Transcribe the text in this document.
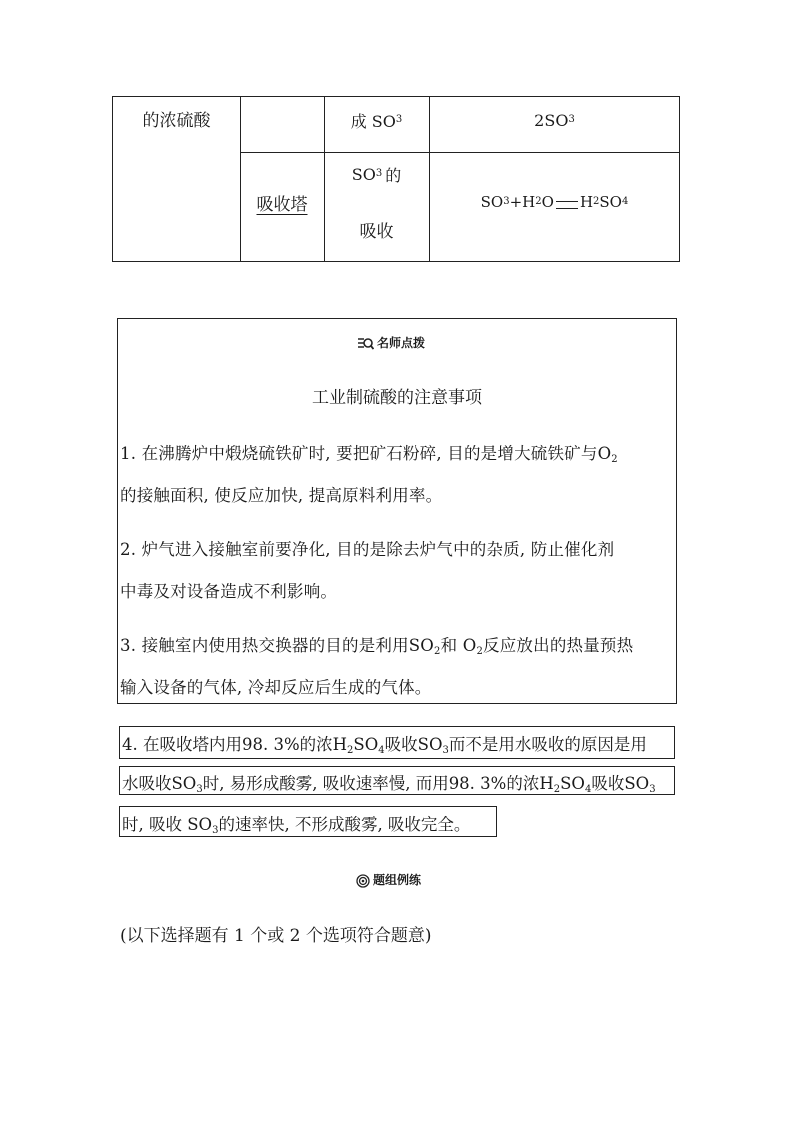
的浓硫酸	成 SO 3	2SO 3
吸收塔
SO 3 的
吸收
SO 3 +H 2 O H 2 SO 4
名师点拨
工业制硫酸的注意事项
1. 在沸腾炉中煅烧硫铁矿时, 要把矿石粉碎, 目的是增大硫铁矿与$O_2$
的接触面积, 使反应加快, 提高原料利用率。
2. 炉气进入接触室前要净化, 目的是除去炉气中的杂质, 防止催化剂
中毒及对设备造成不利影响。
3. 接触室内使用热交换器的目的是利用$SO_2$和 $O_2$反应放出的热量预热
输入设备的气体, 冷却反应后生成的气体。
4. 在吸收塔内用98. 3%的浓$H_2SO_4$吸收$SO_3$而不是用水吸收的原因是用
水吸收$SO_3$时, 易形成酸雾, 吸收速率慢, 而用98. 3%的浓$H_2SO_4$吸收$SO_3$
时, 吸收 $SO_3$的速率快, 不形成酸雾, 吸收完全。
题组例练
(以下选择题有 1 个或 2 个选项符合题意)
